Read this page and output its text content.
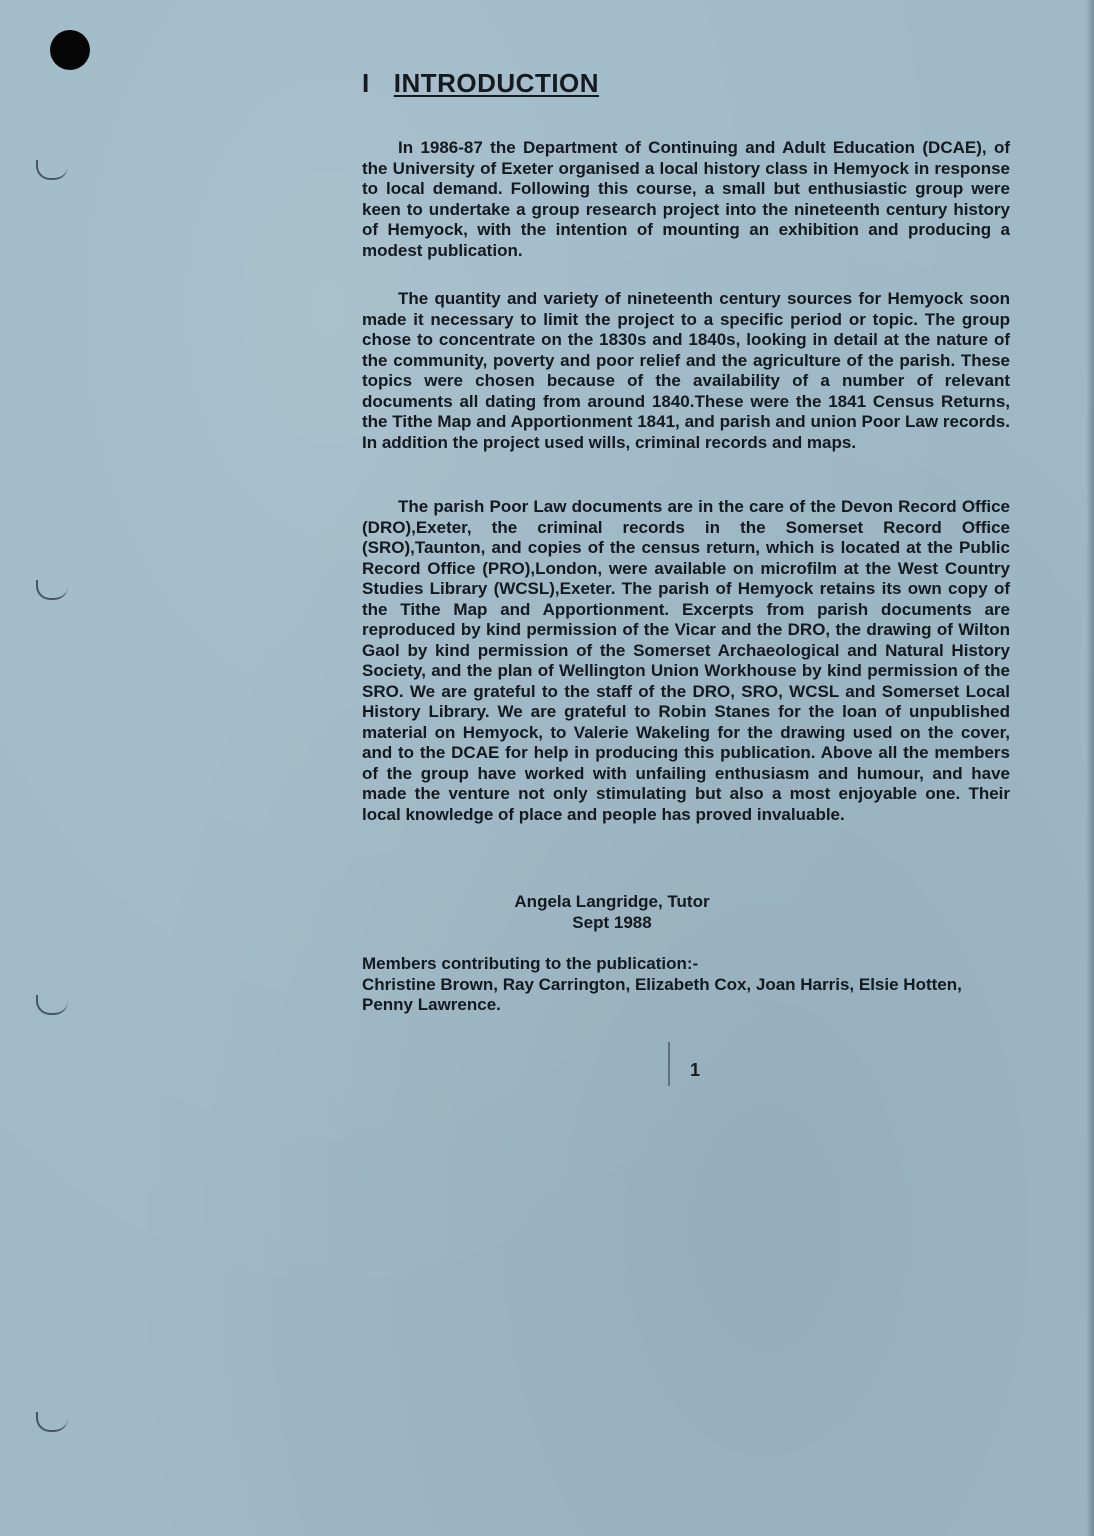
I INTRODUCTION

In 1986-87 the Department of Continuing and Adult Education (DCAE), of the University of Exeter organised a local history class in Hemyock in response to local demand. Following this course, a small but enthusiastic group were keen to undertake a group research project into the nineteenth century history of Hemyock, with the intention of mounting an exhibition and producing a modest publication.

The quantity and variety of nineteenth century sources for Hemyock soon made it necessary to limit the project to a specific period or topic. The group chose to concentrate on the 1830s and 1840s, looking in detail at the nature of the community, poverty and poor relief and the agriculture of the parish. These topics were chosen because of the availability of a number of relevant documents all dating from around 1840.These were the 1841 Census Returns, the Tithe Map and Apportionment 1841, and parish and union Poor Law records. In addition the project used wills, criminal records and maps.

The parish Poor Law documents are in the care of the Devon Record Office (DRO),Exeter, the criminal records in the Somerset Record Office (SRO),Taunton, and copies of the census return, which is located at the Public Record Office (PRO),London, were available on microfilm at the West Country Studies Library (WCSL),Exeter. The parish of Hemyock retains its own copy of the Tithe Map and Apportionment. Excerpts from parish documents are reproduced by kind permission of the Vicar and the DRO, the drawing of Wilton Gaol by kind permission of the Somerset Archaeological and Natural History Society, and the plan of Wellington Union Workhouse by kind permission of the SRO. We are grateful to the staff of the DRO, SRO, WCSL and Somerset Local History Library. We are grateful to Robin Stanes for the loan of unpublished material on Hemyock, to Valerie Wakeling for the drawing used on the cover, and to the DCAE for help in producing this publication. Above all the members of the group have worked with unfailing enthusiasm and humour, and have made the venture not only stimulating but also a most enjoyable one. Their local knowledge of place and people has proved invaluable.

Angela Langridge, Tutor
Sept 1988
Members contributing to the publication:-
Christine Brown, Ray Carrington, Elizabeth Cox, Joan Harris, Elsie Hotten, Penny Lawrence.
1
